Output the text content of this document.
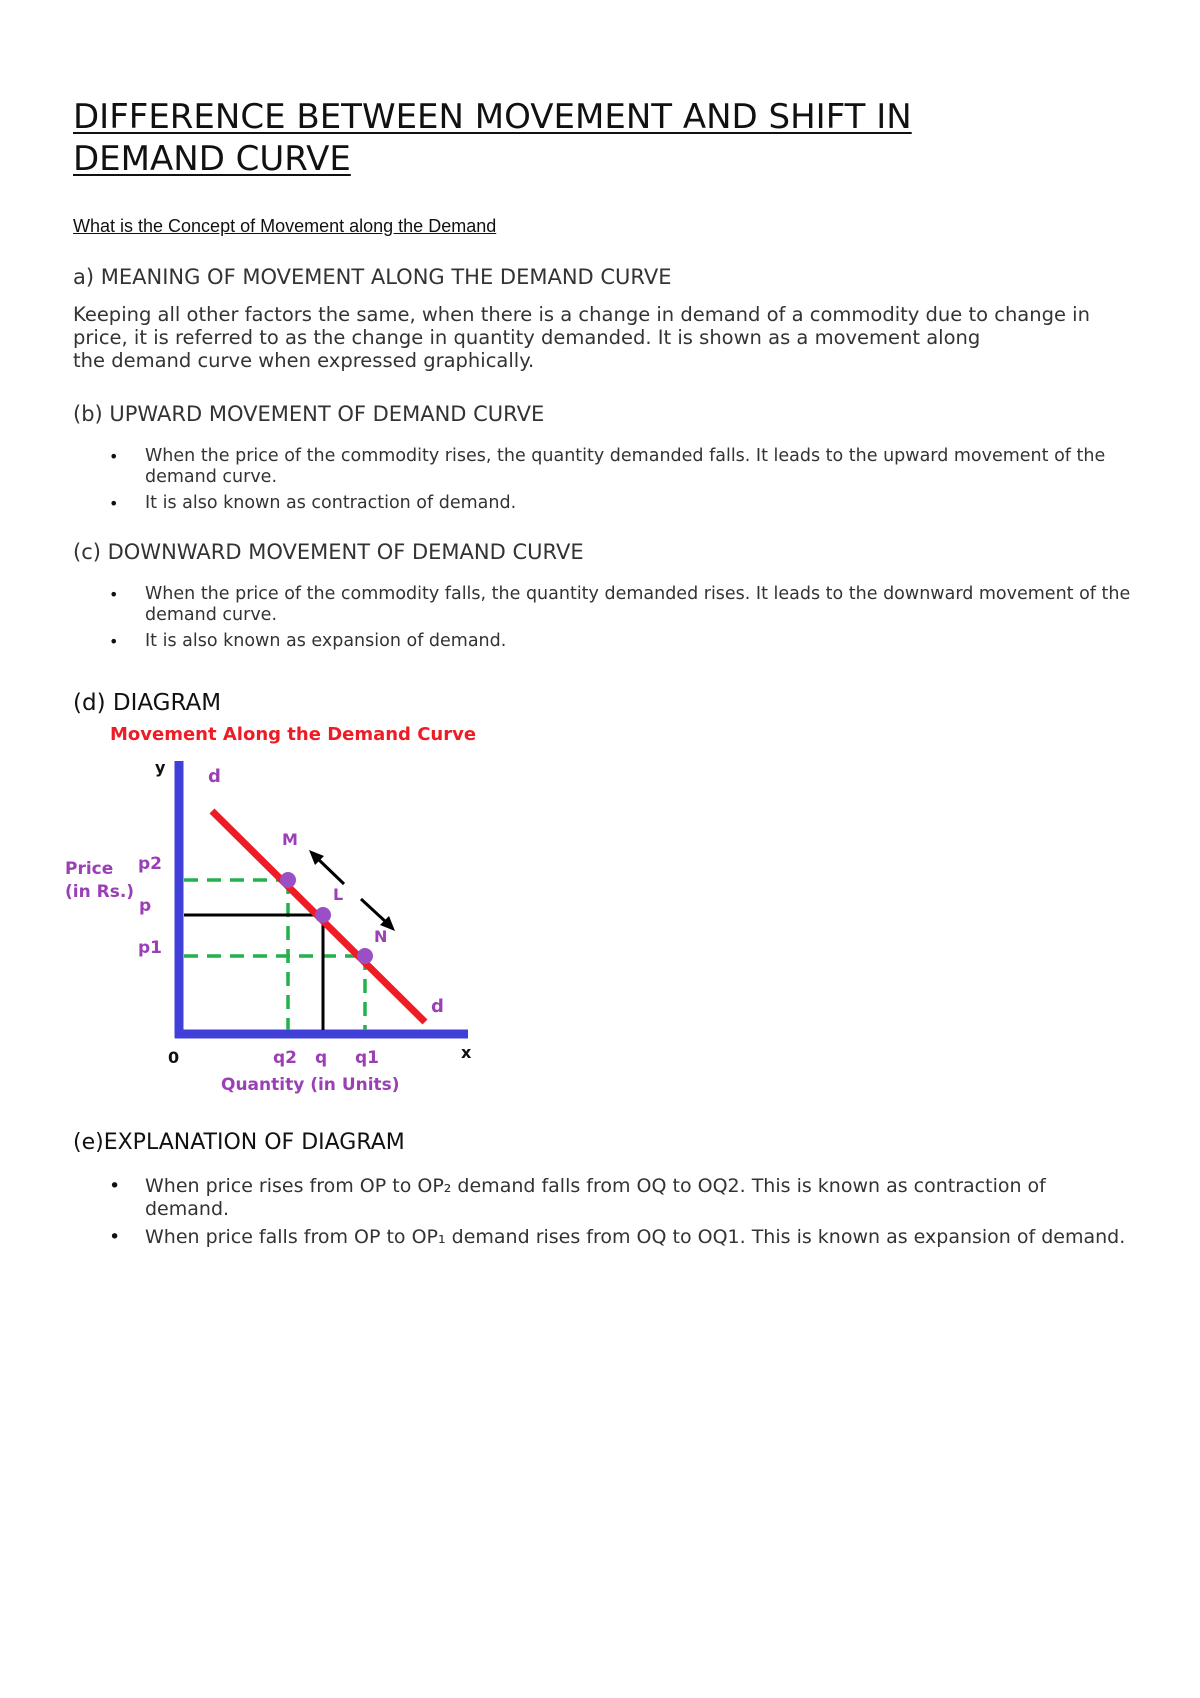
DIFFERENCE BETWEEN MOVEMENT AND SHIFT IN
DEMAND CURVE

What is the Concept of Movement along the Demand

a) MEANING OF MOVEMENT ALONG THE DEMAND CURVE

Keeping all other factors the same, when there is a change in demand of a commodity due to change in
price, it is referred to as the change in quantity demanded. It is shown as a movement along
the demand curve when expressed graphically.

(b) UPWARD MOVEMENT OF DEMAND CURVE
• When the price of the commodity rises, the quantity demanded falls. It leads to the upward movement of the demand curve.
• It is also known as contraction of demand.
(c) DOWNWARD MOVEMENT OF DEMAND CURVE
• When the price of the commodity falls, the quantity demanded rises. It leads to the downward movement of the demand curve.
• It is also known as expansion of demand.
(d) DIAGRAM
Movement Along the Demand Curve
y d
M
L
N
d
Price
(in Rs.)
p2
p
p1
0	q2 q q1	x
Quantity (in Units)
(e)EXPLANATION OF DIAGRAM
• When price rises from OP to OP₂ demand falls from OQ to OQ2. This is known as contraction of demand.
• When price falls from OP to OP₁ demand rises from OQ to OQ1. This is known as expansion of demand.
